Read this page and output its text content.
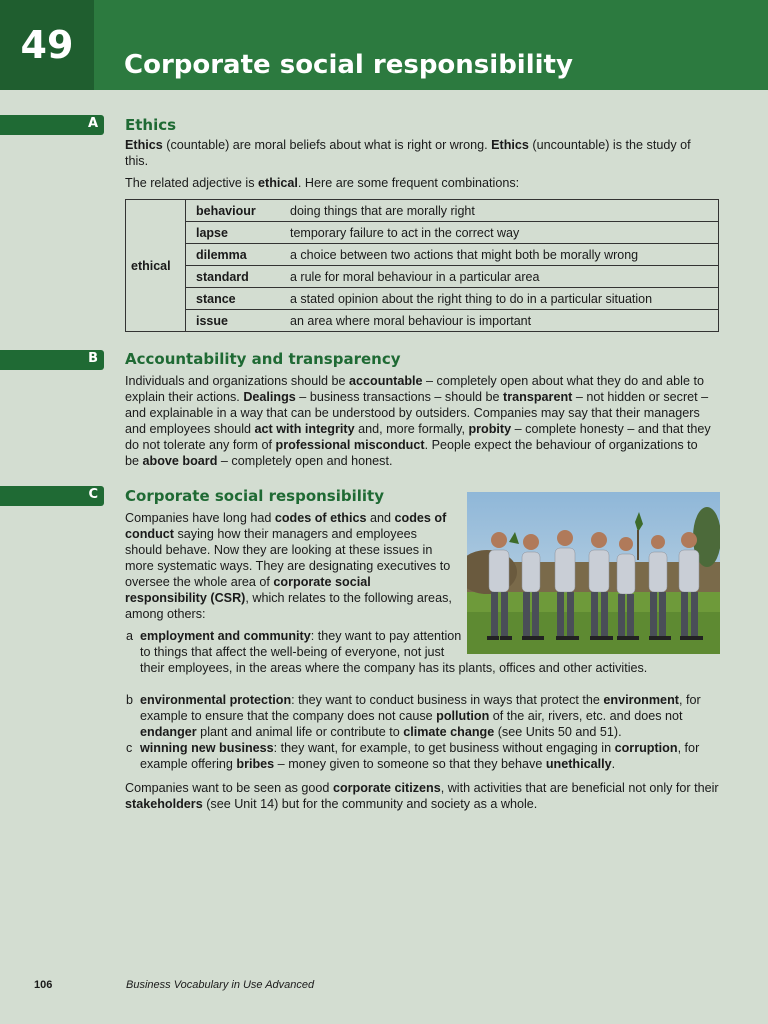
49	Corporate social responsibility
A Ethics

Ethics (countable) are moral beliefs about what is right or wrong. Ethics (uncountable) is the study of this.

The related adjective is ethical. Here are some frequent combinations:

ethical	behaviour	doing things that are morally right
	lapse	temporary failure to act in the correct way
	dilemma	a choice between two actions that might both be morally wrong
	standard	a rule for moral behaviour in a particular area
	stance	a stated opinion about the right thing to do in a particular situation
	issue	an area where moral behaviour is important
B Accountability and transparency

Individuals and organizations should be accountable – completely open about what they do and able to explain their actions. Dealings – business transactions – should be transparent – not hidden or secret – and explainable in a way that can be understood by outsiders. Companies may say that their managers and employees should act with integrity and, more formally, probity – complete honesty – and that they do not tolerate any form of professional misconduct. People expect the behaviour of organizations to be above board – completely open and honest.

C Corporate social responsibility

Companies have long had codes of ethics and codes of conduct saying how their managers and employees should behave. Now they are looking at these issues in more systematic ways. They are designating executives to oversee the whole area of corporate social responsibility (CSR), which relates to the following areas, among others:

a employment and community: they want to pay attention to things that affect the well-being of everyone, not just their employees, in the areas where the company has its plants, offices and other activities.
b environmental protection: they want to conduct business in ways that protect the environment, for example to ensure that the company does not cause pollution of the air, rivers, etc. and does not endanger plant and animal life or contribute to climate change (see Units 50 and 51).
c winning new business: they want, for example, to get business without engaging in corruption, for example offering bribes – money given to someone so that they behave unethically.

Companies want to be seen as good corporate citizens, with activities that are beneficial not only for their stakeholders (see Unit 14) but for the community and society as a whole.

106	Business Vocabulary in Use Advanced
